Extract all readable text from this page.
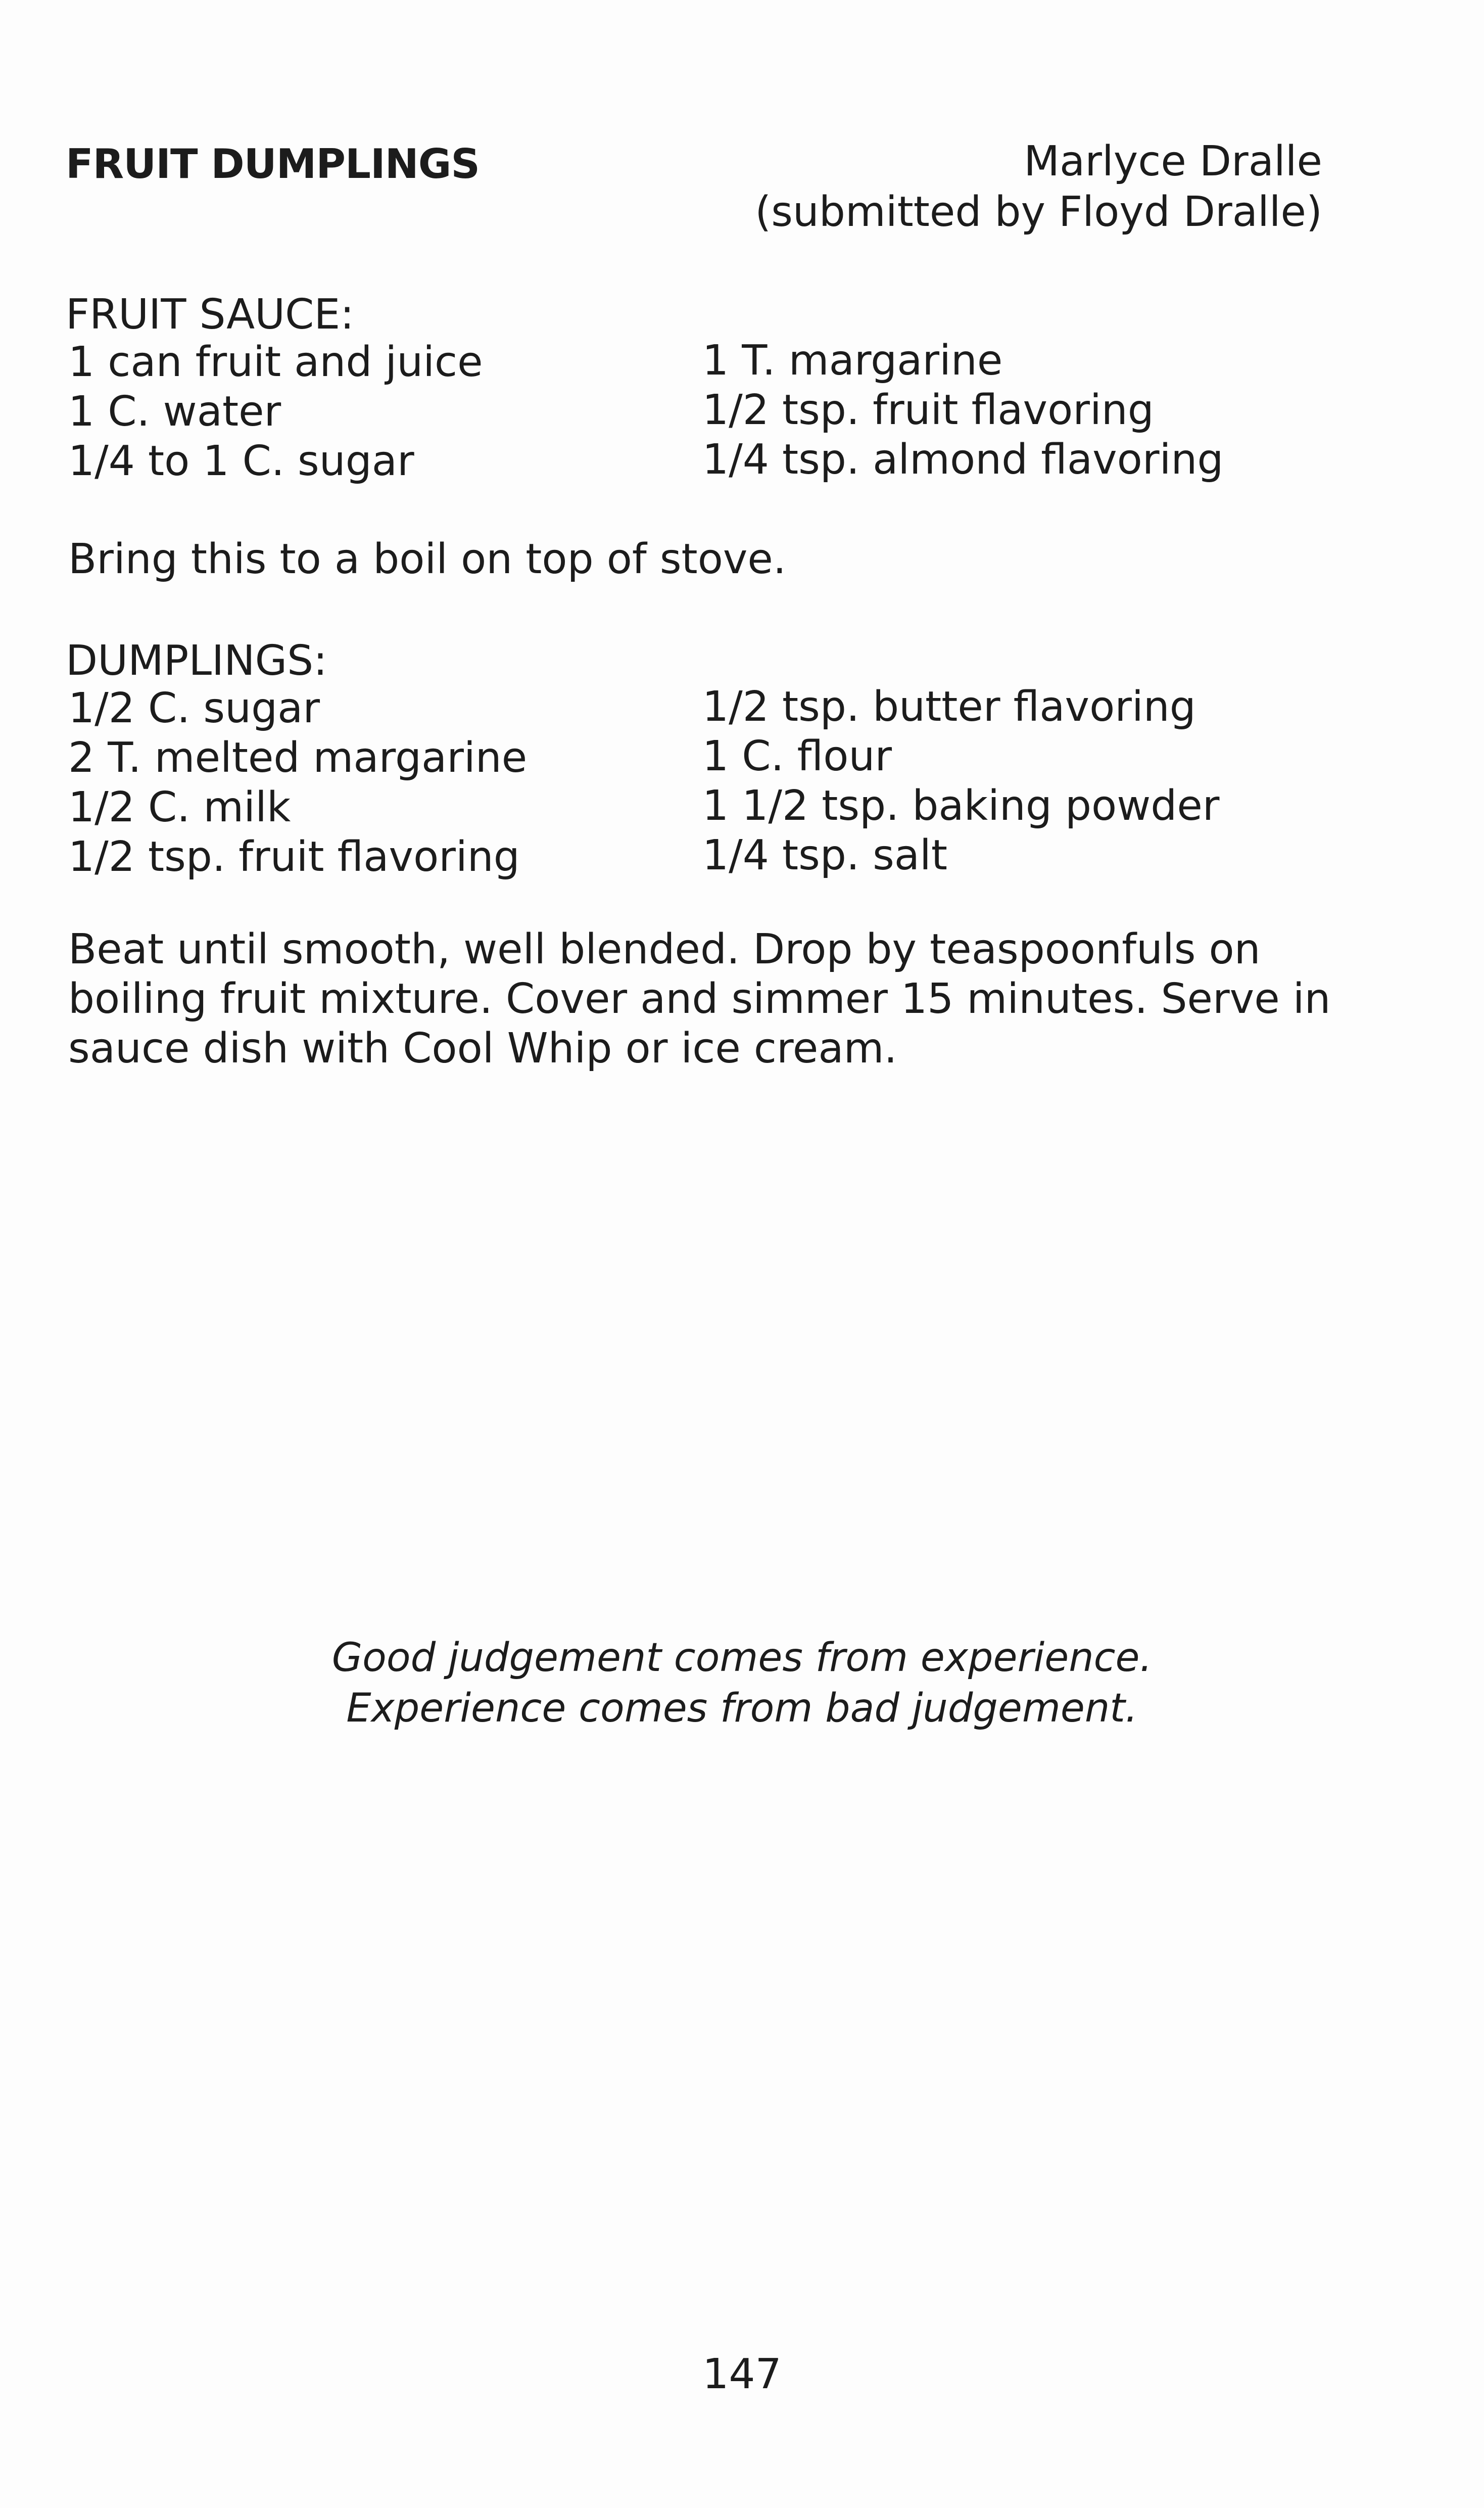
FRUIT DUMPLINGS	Marlyce Dralle
(submitted by Floyd Dralle)
FRUIT SAUCE:
1 can fruit and juice
1 C. water
1/4 to 1 C. sugar
1 T. margarine
1/2 tsp. fruit flavoring
1/4 tsp. almond flavoring
Bring this to a boil on top of stove.
DUMPLINGS:
1/2 C. sugar
2 T. melted margarine
1/2 C. milk
1/2 tsp. fruit flavoring
1/2 tsp. butter flavoring
1 C. flour
1 1/2 tsp. baking powder
1/4 tsp. salt
Beat until smooth, well blended. Drop by teaspoonfuls on
boiling fruit mixture. Cover and simmer 15 minutes. Serve in
sauce dish with Cool Whip or ice cream.
Good judgement comes from experience.
Experience comes from bad judgement.
147
